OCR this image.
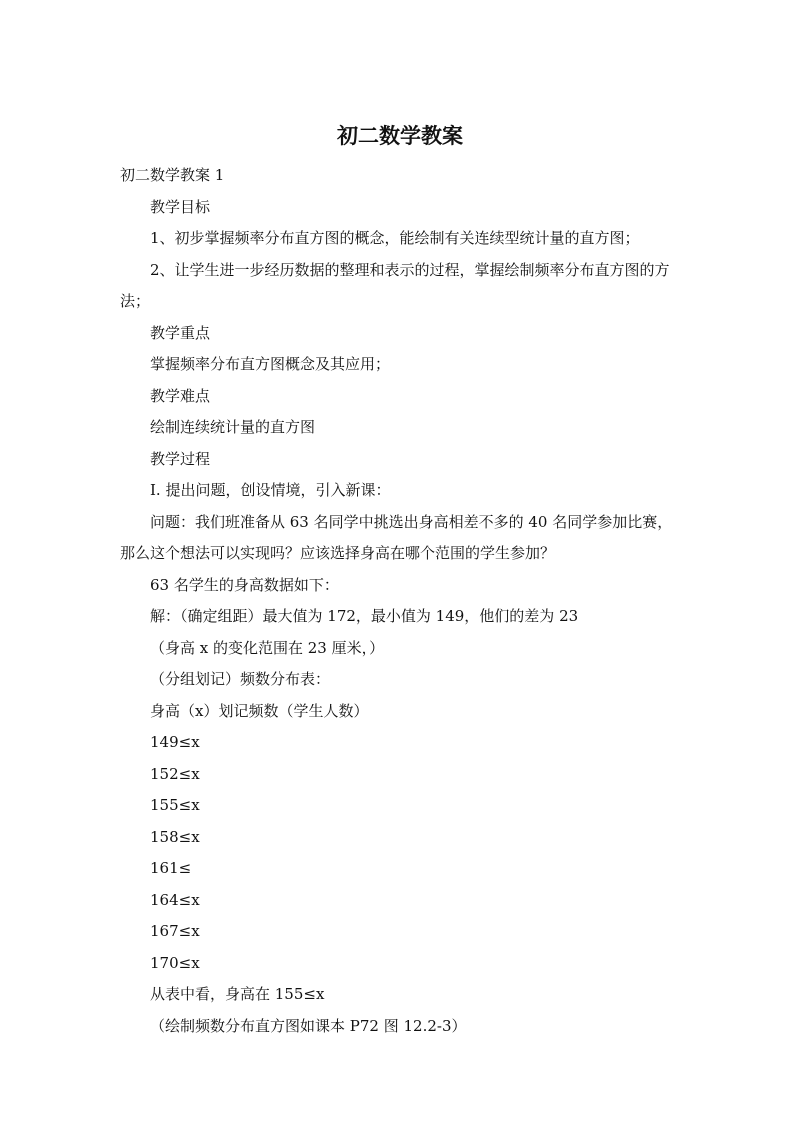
初二数学教案

初二数学教案 1

教学目标

1、初步掌握频率分布直方图的概念，能绘制有关连续型统计量的直方图；

2、让学生进一步经历数据的整理和表示的过程，掌握绘制频率分布直方图的方法；

教学重点

掌握频率分布直方图概念及其应用；

教学难点

绘制连续统计量的直方图

教学过程

Ⅰ. 提出问题，创设情境，引入新课：

问题：我们班准备从 63 名同学中挑选出身高相差不多的 40 名同学参加比赛，那么这个想法可以实现吗？应该选择身高在哪个范围的学生参加？

63 名学生的身高数据如下：

解：（确定组距）最大值为 172，最小值为 149，他们的差为 23

（身高 x 的变化范围在 23 厘米，）

（分组划记）频数分布表：

身高（x）划记频数（学生人数）

149≤x

152≤x

155≤x

158≤x

161≤

164≤x

167≤x

170≤x

从表中看，身高在 155≤x

（绘制频数分布直方图如课本 P72 图 12.2-3）
